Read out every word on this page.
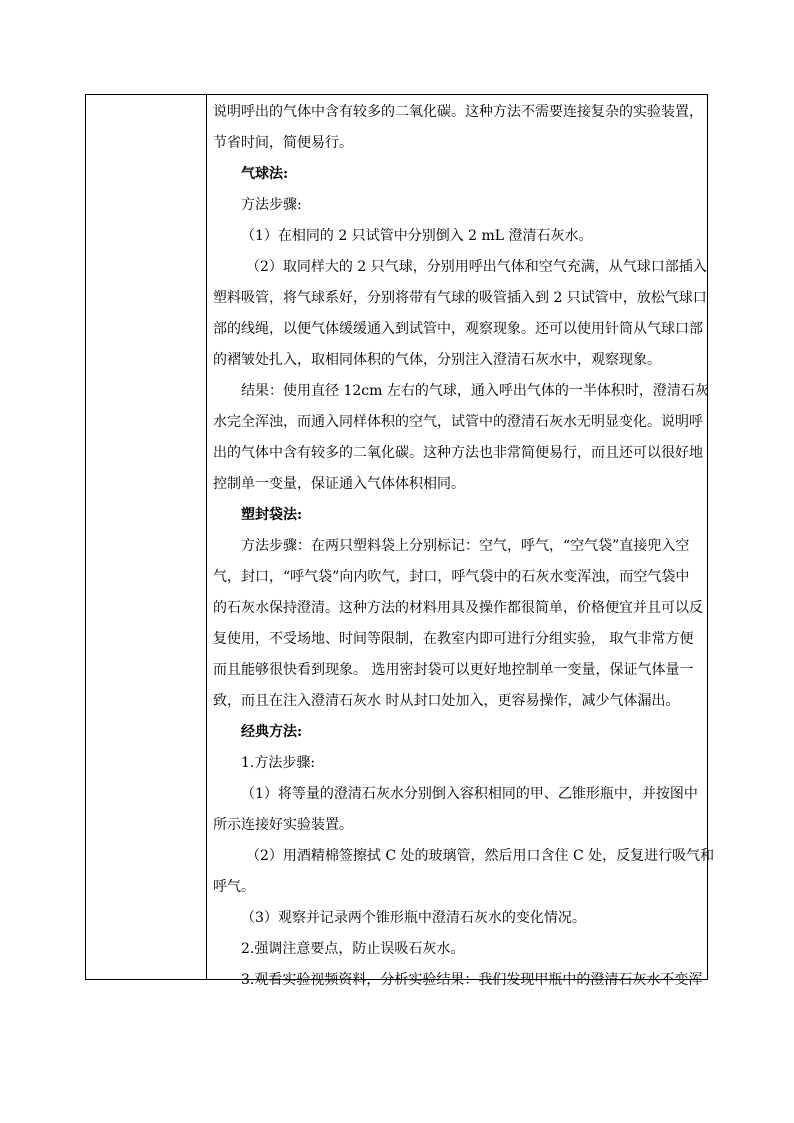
说明呼出的气体中含有较多的二氧化碳。这种方法不需要连接复杂的实验装置，
节省时间，简便易行。
气球法:
方法步骤:
（1）在相同的 2 只试管中分别倒入 2 mL 澄清石灰水。
（2）取同样大的 2 只气球，分别用呼出气体和空气充满，从气球口部插入
塑料吸管，将气球系好，分别将带有气球的吸管插入到 2 只试管中，放松气球口
部的线绳，以便气体缓缓通入到试管中，观察现象。还可以使用针筒从气球口部
的褶皱处扎入，取相同体积的气体，分别注入澄清石灰水中，观察现象。
结果：使用直径 12cm 左右的气球，通入呼出气体的一半体积时，澄清石灰
水完全浑浊，而通入同样体积的空气，试管中的澄清石灰水无明显变化。说明呼
出的气体中含有较多的二氧化碳。这种方法也非常简便易行，而且还可以很好地
控制单一变量，保证通入气体体积相同。
塑封袋法:
方法步骤：在两只塑料袋上分别标记：空气，呼气，“空气袋”直接兜入空
气，封口，“呼气袋”向内吹气，封口，呼气袋中的石灰水变浑浊，而空气袋中
的石灰水保持澄清。这种方法的材料用具及操作都很简单，价格便宜并且可以反
复使用，不受场地、时间等限制，在教室内即可进行分组实验， 取气非常方便
而且能够很快看到现象。 选用密封袋可以更好地控制单一变量，保证气体量一
致，而且在注入澄清石灰水 时从封口处加入，更容易操作，减少气体漏出。
经典方法:
1.方法步骤:
（1）将等量的澄清石灰水分别倒入容积相同的甲、乙锥形瓶中，并按图中
所示连接好实验装置。
（2）用酒精棉签擦拭 C 处的玻璃管，然后用口含住 C 处，反复进行吸气和
呼气。
（3）观察并记录两个锥形瓶中澄清石灰水的变化情况。
2.强调注意要点，防止误吸石灰水。
3.观看实验视频资料，分析实验结果：我们发现甲瓶中的澄清石灰水不变浑
